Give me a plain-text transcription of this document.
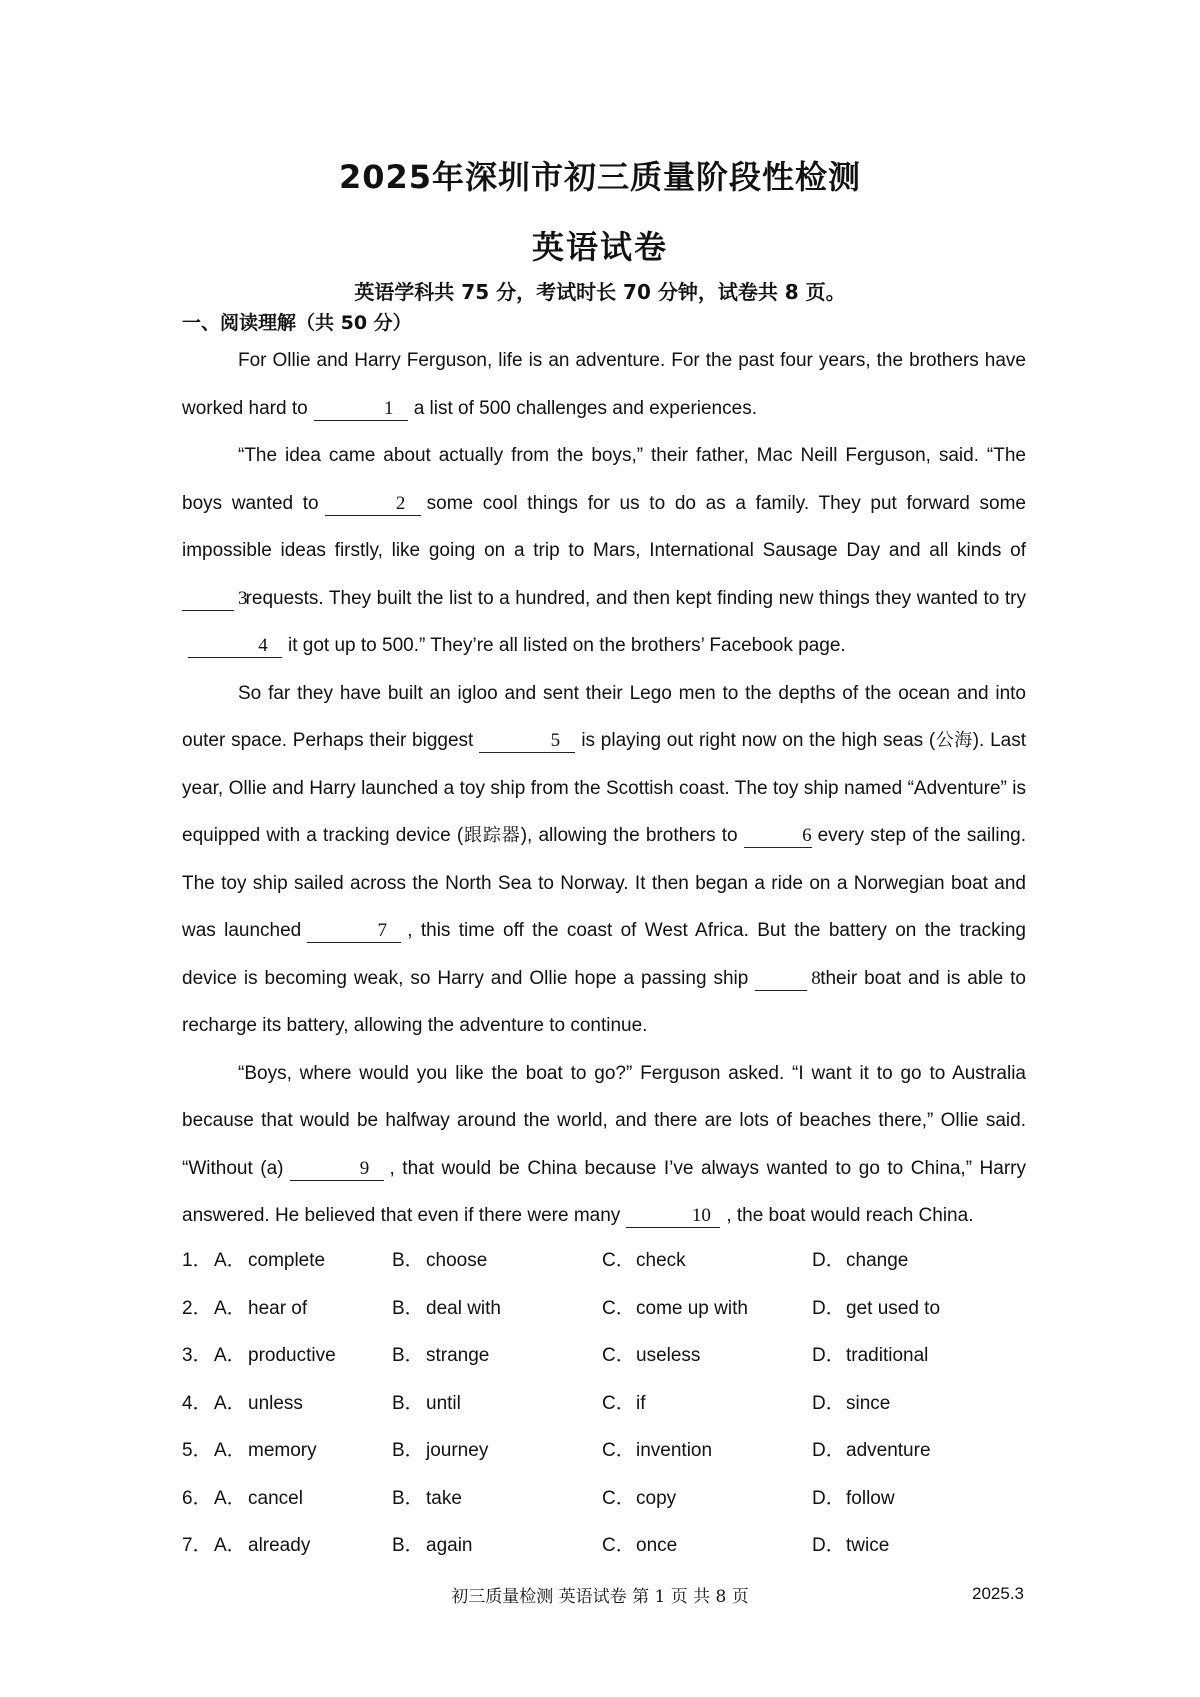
2025年深圳市初三质量阶段性检测
英语试卷
英语学科共 75 分，考试时长 70 分钟，试卷共 8 页。
一、阅读理解（共 50 分）

For Ollie and Harry Ferguson, life is an adventure. For the past four years, the brothers have worked hard to	1 a list of 500 challenges and experiences.

“The idea came about actually from the boys,” their father, Mac Neill Ferguson, said. “The boys wanted to	2 some cool things for us to do as a family. They put forward some impossible ideas firstly, like going on a trip to Mars, International Sausage Day and all kinds of 3 requests. They built the list to a hundred, and then kept finding new things they wanted to try4 it got up to 500.” They’re all listed on the brothers’ Facebook page.

So far they have built an igloo and sent their Lego men to the depths of the ocean and into outer space. Perhaps their biggest	5 is playing out right now on the high seas (公海). Last year, Ollie and Harry launched a toy ship from the Scottish coast. The toy ship named “Adventure” is equipped with a tracking device (跟踪器), allowing the brothers to	6 every step of the sailing. The toy ship sailed across the North Sea to Norway. It then began a ride on a Norwegian boat and was launched	7 , this time off the coast of West Africa. But the battery on the tracking device is becoming weak, so Harry and Ollie hope a passing ship	8 their boat and is able to recharge its battery, allowing the adventure to continue.

“Boys, where would you like the boat to go?” Ferguson asked. “I want it to go to Australia because that would be halfway around the world, and there are lots of beaches there,” Ollie said. “Without (a)	9 , that would be China because I’ve always wanted to go to China,” Harry answered. He believed that even if there were many	10 , the boat would reach China.

1． A． complete	B． choose	C．check	D．change
2． A． hear of	B． deal with	C．come up with	D．get used to
3． A． productive	B． strange	C．useless	D．traditional
4． A． unless	B． until	C．if	D．since
5． A． memory	B． journey	C．invention	D．adventure
6． A． cancel	B． take	C．copy	D．follow
7． A． already	B． again	C．once	D．twice
初三质量检测 英语试卷 第 1 页 共 8 页	2025.3
